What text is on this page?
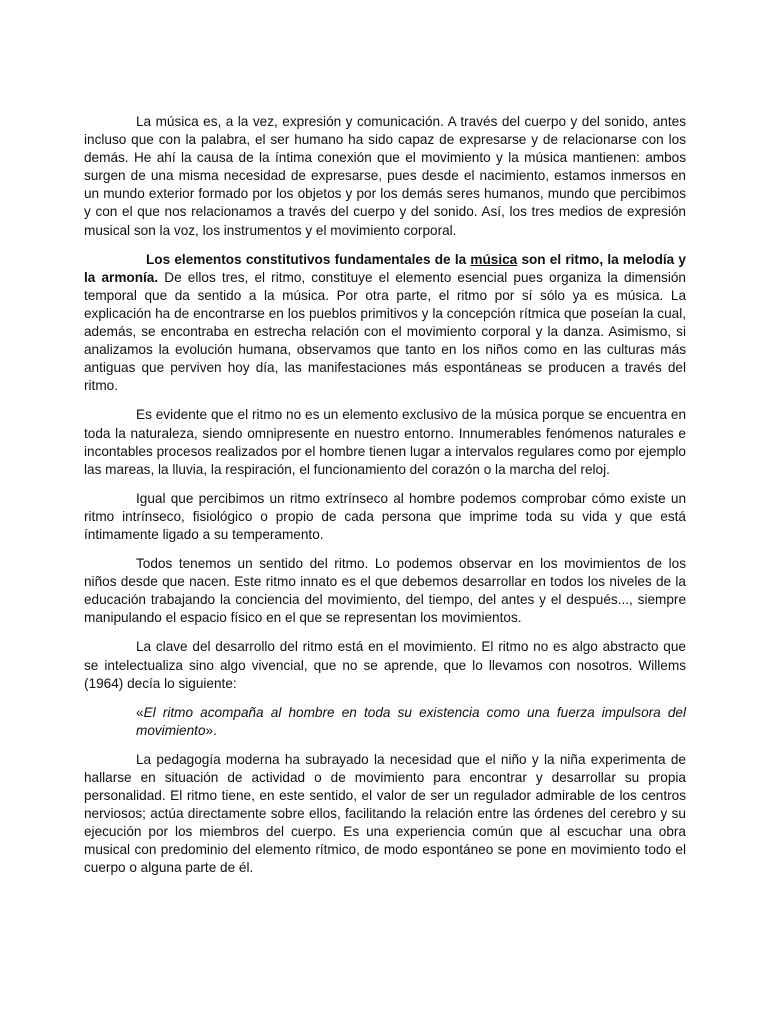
La música es, a la vez, expresión y comunicación. A través del cuerpo y del sonido, antes incluso que con la palabra, el ser humano ha sido capaz de expresarse y de relacionarse con los demás. He ahí la causa de la íntima conexión que el movimiento y la música mantienen: ambos surgen de una misma necesidad de expresarse, pues desde el nacimiento, estamos inmersos en un mundo exterior formado por los objetos y por los demás seres humanos, mundo que percibimos y con el que nos relacionamos a través del cuerpo y del sonido. Así, los tres medios de expresión musical son la voz, los instrumentos y el movimiento corporal.

Los elementos constitutivos fundamentales de la música son el ritmo, la melodía y la armonía. De ellos tres, el ritmo, constituye el elemento esencial pues organiza la dimensión temporal que da sentido a la música. Por otra parte, el ritmo por sí sólo ya es música. La explicación ha de encontrarse en los pueblos primitivos y la concepción rítmica que poseían la cual, además, se encontraba en estrecha relación con el movimiento corporal y la danza. Asimismo, si analizamos la evolución humana, observamos que tanto en los niños como en las culturas más antiguas que perviven hoy día, las manifestaciones más espontáneas se producen a través del ritmo.

Es evidente que el ritmo no es un elemento exclusivo de la música porque se encuentra en toda la naturaleza, siendo omnipresente en nuestro entorno. Innumerables fenómenos naturales e incontables procesos realizados por el hombre tienen lugar a intervalos regulares como por ejemplo las mareas, la lluvia, la respiración, el funcionamiento del corazón o la marcha del reloj.

Igual que percibimos un ritmo extrínseco al hombre podemos comprobar cómo existe un ritmo intrínseco, fisiológico o propio de cada persona que imprime toda su vida y que está íntimamente ligado a su temperamento.

Todos tenemos un sentido del ritmo. Lo podemos observar en los movimientos de los niños desde que nacen. Este ritmo innato es el que debemos desarrollar en todos los niveles de la educación trabajando la conciencia del movimiento, del tiempo, del antes y el después..., siempre manipulando el espacio físico en el que se representan los movimientos.

La clave del desarrollo del ritmo está en el movimiento. El ritmo no es algo abstracto que se intelectualiza sino algo vivencial, que no se aprende, que lo llevamos con nosotros. Willems (1964) decía lo siguiente:

«El ritmo acompaña al hombre en toda su existencia como una fuerza impulsora del movimiento».

La pedagogía moderna ha subrayado la necesidad que el niño y la niña experimenta de hallarse en situación de actividad o de movimiento para encontrar y desarrollar su propia personalidad. El ritmo tiene, en este sentido, el valor de ser un regulador admirable de los centros nerviosos; actúa directamente sobre ellos, facilitando la relación entre las órdenes del cerebro y su ejecución por los miembros del cuerpo. Es una experiencia común que al escuchar una obra musical con predominio del elemento rítmico, de modo espontáneo se pone en movimiento todo el cuerpo o alguna parte de él.
